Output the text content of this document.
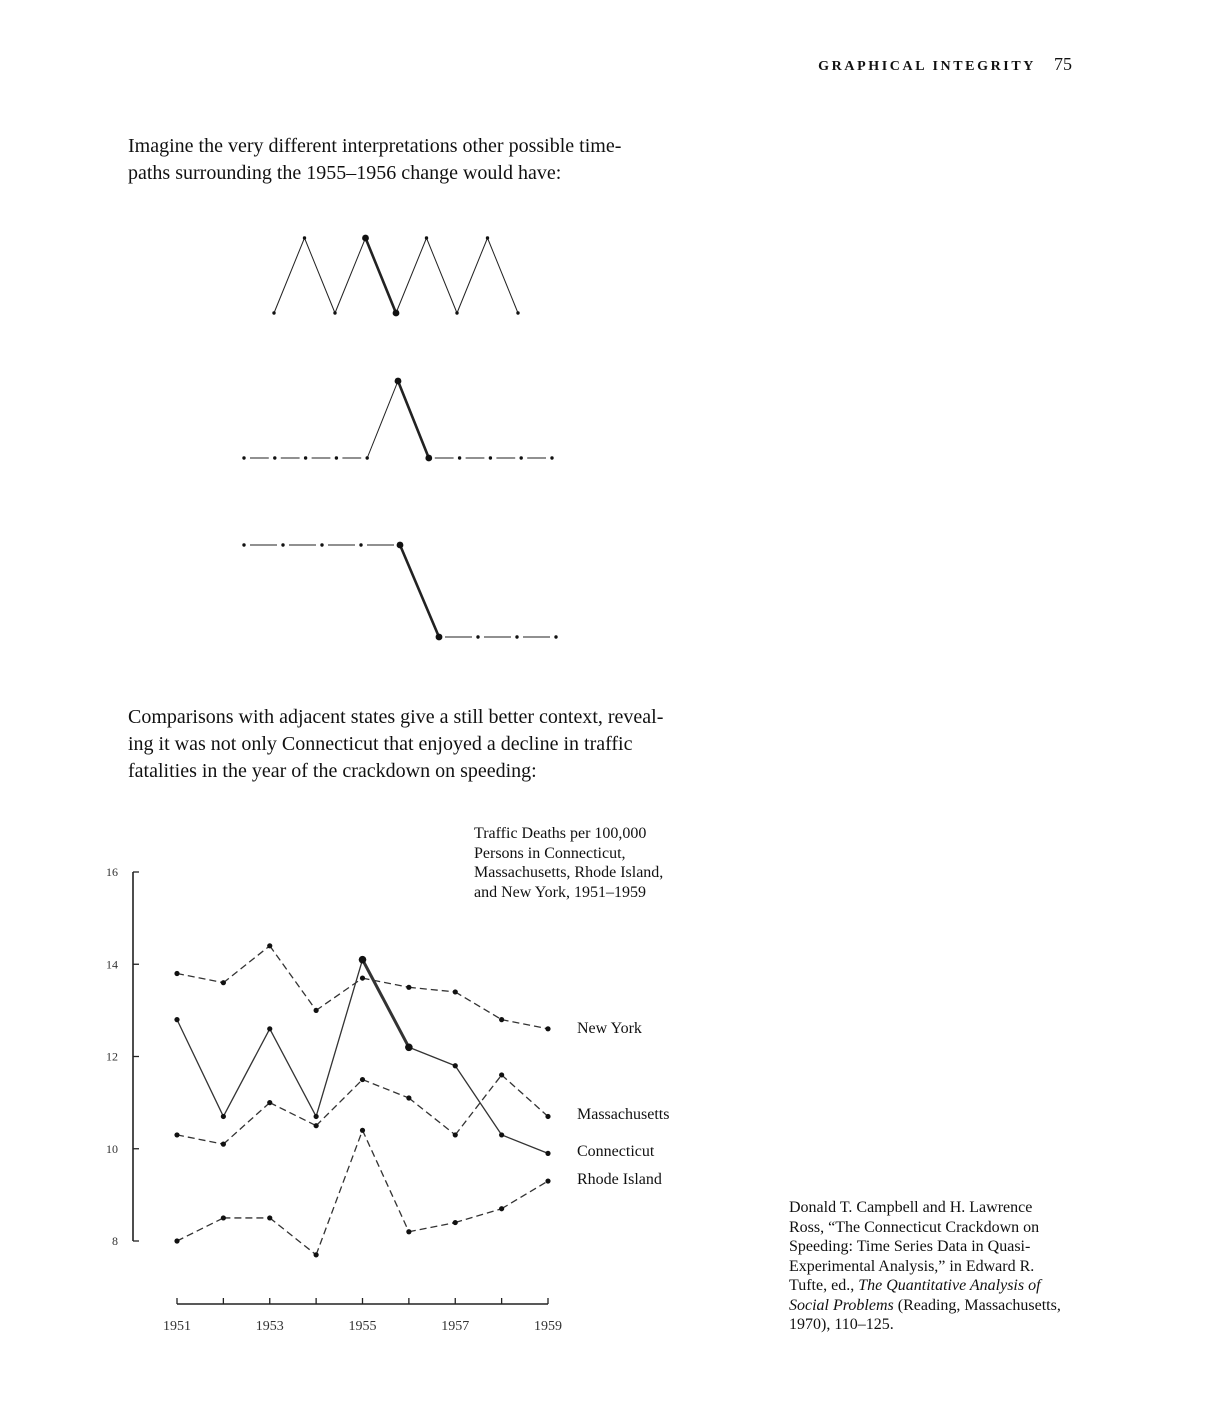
GRAPHICAL INTEGRITY 75

Imagine the very different interpretations other possible time-
paths surrounding the 1955–1956 change would have:

Comparisons with adjacent states give a still better context, reveal-
ing it was not only Connecticut that enjoyed a decline in traffic
fatalities in the year of the crackdown on speeding:

Traffic Deaths per 100,000
Persons in Connecticut,
Massachusetts, Rhode Island,
and New York, 1951–1959

Donald T. Campbell and H. Lawrence
Ross, “The Connecticut Crackdown on
Speeding: Time Series Data in Quasi-
Experimental Analysis,” in Edward R.
Tufte, ed., The Quantitative Analysis of
Social Problems (Reading, Massachusetts,
1970), 110–125.

8
10
12
14
16
1951	1953	1955	1957	1959
New York
Massachusetts
Connecticut
Rhode Island
